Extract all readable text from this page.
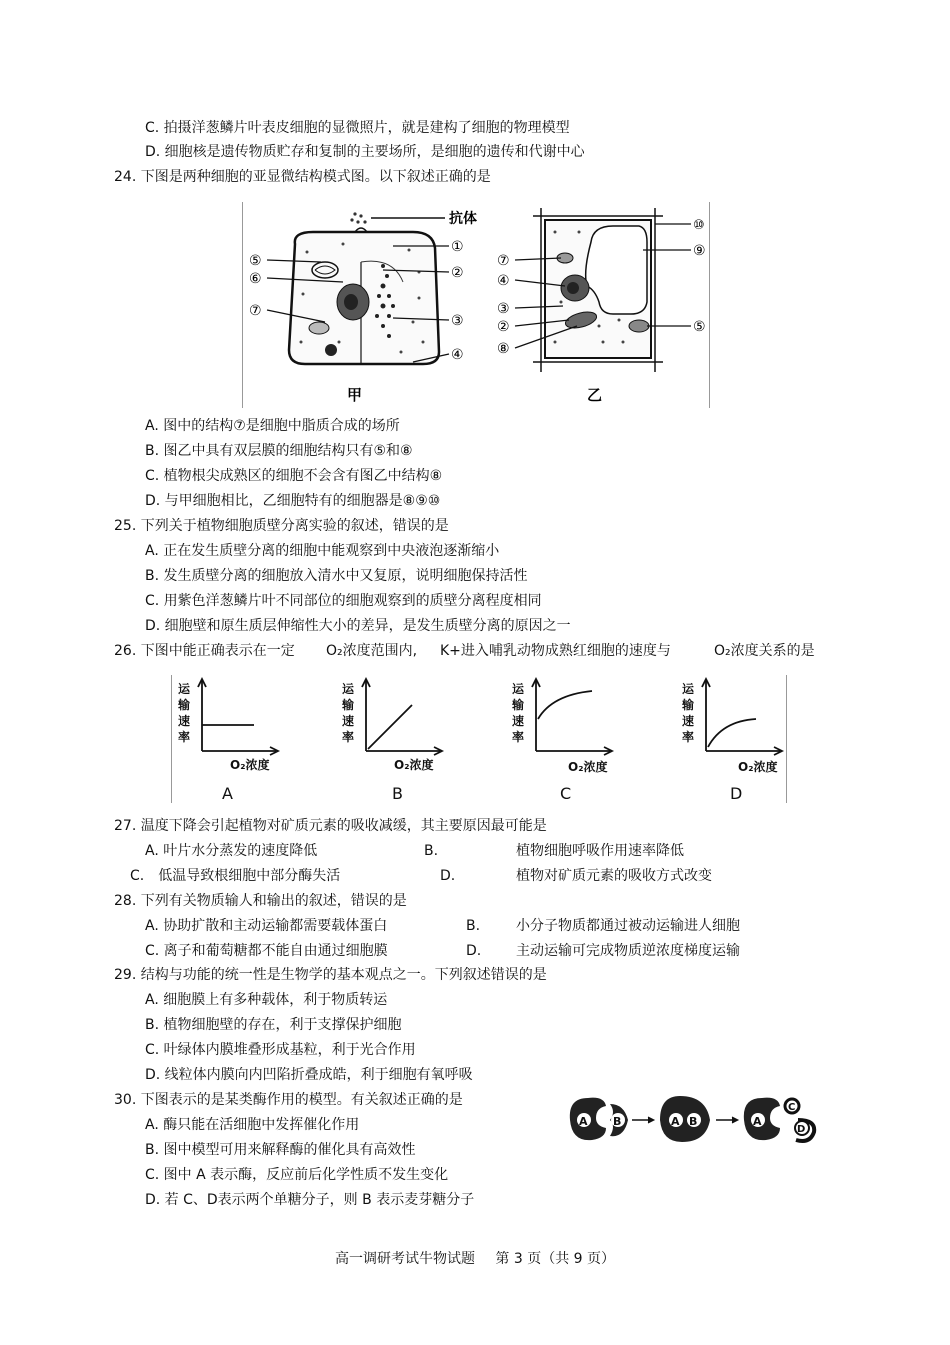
C. 拍摄洋葱鳞片叶表皮细胞的显微照片，就是建构了细胞的物理模型
D. 细胞核是遗传物质贮存和复制的主要场所，是细胞的遗传和代谢中心
24. 下图是两种细胞的亚显微结构模式图。以下叙述正确的是
抗体
⑤
⑥
⑦
①
②
③
④
甲
⑦
④
③
②
⑧
⑩
⑨
⑤
乙
A. 图中的结构⑦是细胞中脂质合成的场所
B. 图乙中具有双层膜的细胞结构只有⑤和⑧
C. 植物根尖成熟区的细胞不会含有图乙中结构⑧
D. 与甲细胞相比，乙细胞特有的细胞器是⑧⑨⑩
25. 下列关于植物细胞质壁分离实验的叙述，错误的是
A. 正在发生质壁分离的细胞中能观察到中央液泡逐渐缩小
B. 发生质壁分离的细胞放入清水中又复原，说明细胞保持活性
C. 用紫色洋葱鳞片叶不同部位的细胞观察到的质壁分离程度相同
D. 细胞壁和原生质层伸缩性大小的差异，是发生质壁分离的原因之一
26. 下图中能正确表示在一定 O₂浓度范围内, K+进入哺乳动物成熟红细胞的速度与	O₂浓度关系的是
运
输
速
率
运
输
速
率
运
输
速
率
运
输
速
率
O₂浓度	O₂浓度	O₂浓度	O₂浓度
A	B	C	D
27. 温度下降会引起植物对矿质元素的吸收减缓，其主要原因最可能是
A. 叶片水分蒸发的速度降低	B.	植物细胞呼吸作用速率降低
C.　低温导致根细胞中部分酶失活	D.	植物对矿质元素的吸收方式改变
28. 下列有关物质输人和输出的叙述，错误的是
A. 协助扩散和主动运输都需要载体蛋白	B.	小分子物质都通过被动运输进人细胞
C. 离子和葡萄糖都不能自由通过细胞膜	D. 主动运输可完成物质逆浓度梯度运输
29. 结构与功能的统一性是生物学的基本观点之一。下列叙述错误的是
A. 细胞膜上有多种载体，利于物质转运
B. 植物细胞壁的存在，利于支撑保护细胞
C. 叶绿体内膜堆叠形成基粒，利于光合作用
D. 线粒体内膜向内凹陷折叠成皓，利于细胞有氧呼吸
30. 下图表示的是某类酶作用的模型。有关叙述正确的是
A. 酶只能在活细胞中发挥催化作用
B. 图中模型可用来解释酶的催化具有高效性
C. 图中 A 表示酶，反应前后化学性质不发生变化
D. 若 C、D表示两个单糖分子，则 B 表示麦芽糖分子
A B	A B	A
C
D
高一调研考试牛物试题 第 3 页（共 9 页）
